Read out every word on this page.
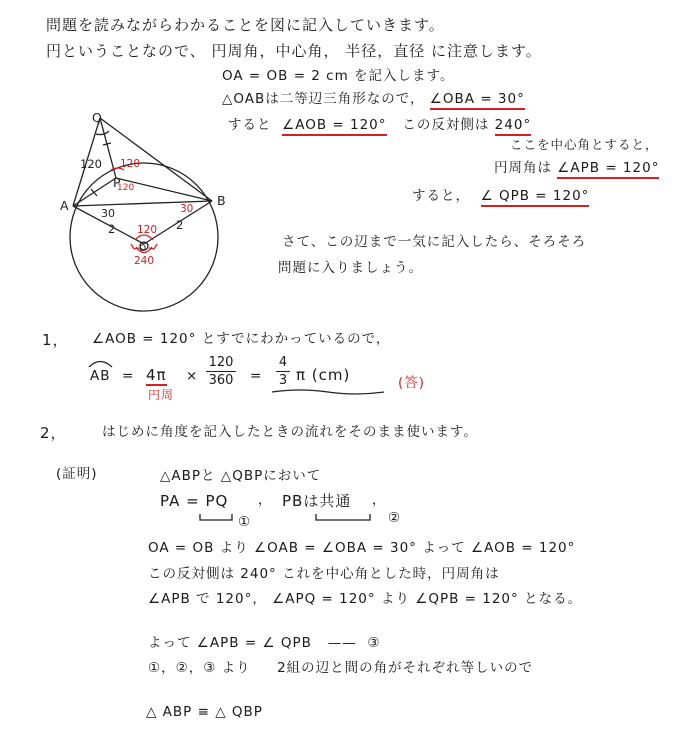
問題を読みながらわかることを図に記入していきます。
円ということなので、 円周角，中心角， 半径，直径 に注意します。
OA = OB = 2 cm を記入します。
△OABは二等辺三角形なので， ∠OBA = 30°
すると ∠AOB = 120° この反対側は 240°
ここを中心角とすると，
円周角は ∠APB = 120°
すると， ∠ QPB = 120°
さて、この辺まで一気に記入したら、そろそろ
問題に入りましょう。
Q
A	B
P
O
120
30
2	2
120
120
30
120
240
1， ∠AOB = 120° とすでにわかっているので，
AB = 4π
円周
× $\frac{120}{360} = \frac{4}{3}$ π (cm)	(答)
2，	はじめに角度を記入したときの流れをそのまま使います。
(証明)	△ABPと △QBPにおいて
PA = PQ ， PBは共通 ，
①	②
OA = OB より ∠OAB = ∠OBA = 30° よって ∠AOB = 120°
この反対側は 240° これを中心角とした時，円周角は
∠APB で 120°， ∠APQ = 120° より ∠QPB = 120° となる。
よって ∠APB = ∠ QPB —— ③
①，②，③ より 2組の辺と間の角がそれぞれ等しいので
△ ABP ≡ △ QBP
